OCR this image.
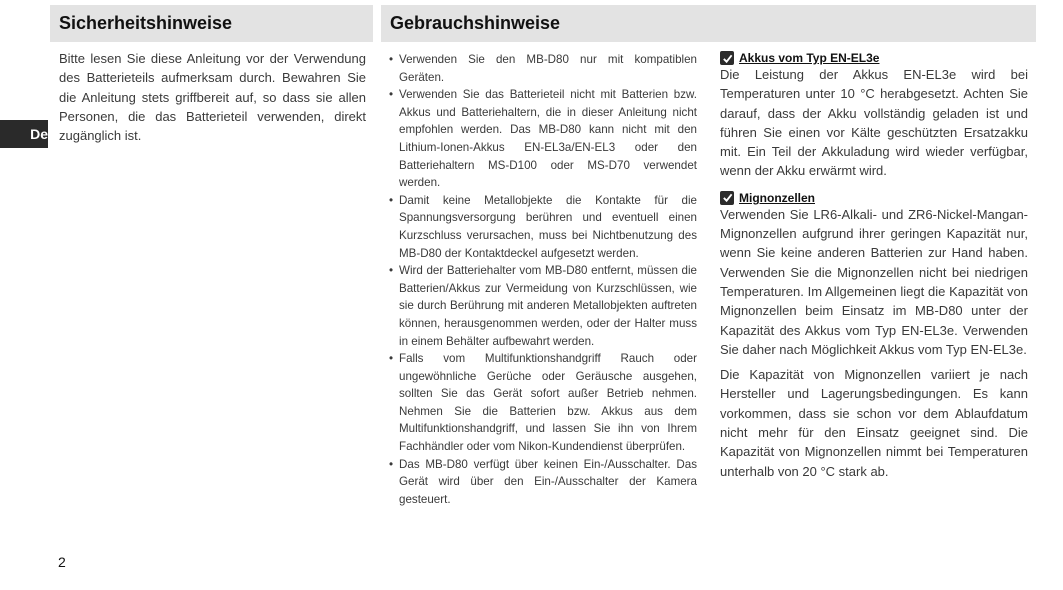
Sicherheitshinweise	Gebrauchshinweise
De

Bitte lesen Sie diese Anleitung vor der Verwendung des Batterieteils aufmerksam durch. Bewahren Sie die Anleitung stets griffbereit auf, so dass sie allen Personen, die das Batterieteil verwenden, direkt zugänglich ist.

• Verwenden Sie den MB-D80 nur mit kompatiblen Geräten.
• Verwenden Sie das Batterieteil nicht mit Batterien bzw. Akkus und Batteriehaltern, die in dieser Anleitung nicht empfohlen werden. Das MB-D80 kann nicht mit den Lithium-Ionen-Akkus EN-EL3a/EN-EL3 oder den Batteriehaltern MS-D100 oder MS-D70 verwendet werden.
• Damit keine Metallobjekte die Kontakte für die Spannungsversorgung berühren und eventuell einen Kurzschluss verursachen, muss bei Nichtbenutzung des MB-D80 der Kontaktdeckel aufgesetzt werden.
• Wird der Batteriehalter vom MB-D80 entfernt, müssen die Batterien/Akkus zur Vermeidung von Kurzschlüssen, wie sie durch Berührung mit anderen Metallobjekten auftreten können, herausgenommen werden, oder der Halter muss in einem Behälter aufbewahrt werden.
• Falls vom Multifunktionshandgriff Rauch oder ungewöhnliche Gerüche oder Geräusche ausgehen, sollten Sie das Gerät sofort außer Betrieb nehmen. Nehmen Sie die Batterien bzw. Akkus aus dem Multifunktionshandgriff, und lassen Sie ihn von Ihrem Fachhändler oder vom Nikon-Kundendienst überprüfen.
• Das MB-D80 verfügt über keinen Ein-/Ausschalter. Das Gerät wird über den Ein-/Ausschalter der Kamera gesteuert.
Akkus vom Typ EN-EL3e

Die Leistung der Akkus EN-EL3e wird bei Temperaturen unter 10 °C herabgesetzt. Achten Sie darauf, dass der Akku vollständig geladen ist und führen Sie einen vor Kälte geschützten Ersatzakku mit. Ein Teil der Akkuladung wird wieder verfügbar, wenn der Akku erwärmt wird.

Mignonzellen

Verwenden Sie LR6-Alkali- und ZR6-Nickel-Mangan-Mignonzellen aufgrund ihrer geringen Kapazität nur, wenn Sie keine anderen Batterien zur Hand haben. Verwenden Sie die Mignonzellen nicht bei niedrigen Temperaturen. Im Allgemeinen liegt die Kapazität von Mignonzellen beim Einsatz im MB-D80 unter der Kapazität des Akkus vom Typ EN-EL3e. Verwenden Sie daher nach Möglichkeit Akkus vom Typ EN-EL3e.

Die Kapazität von Mignonzellen variiert je nach Hersteller und Lagerungsbedingungen. Es kann vorkommen, dass sie schon vor dem Ablaufdatum nicht mehr für den Einsatz geeignet sind. Die Kapazität von Mignonzellen nimmt bei Temperaturen unterhalb von 20 °C stark ab.

2
